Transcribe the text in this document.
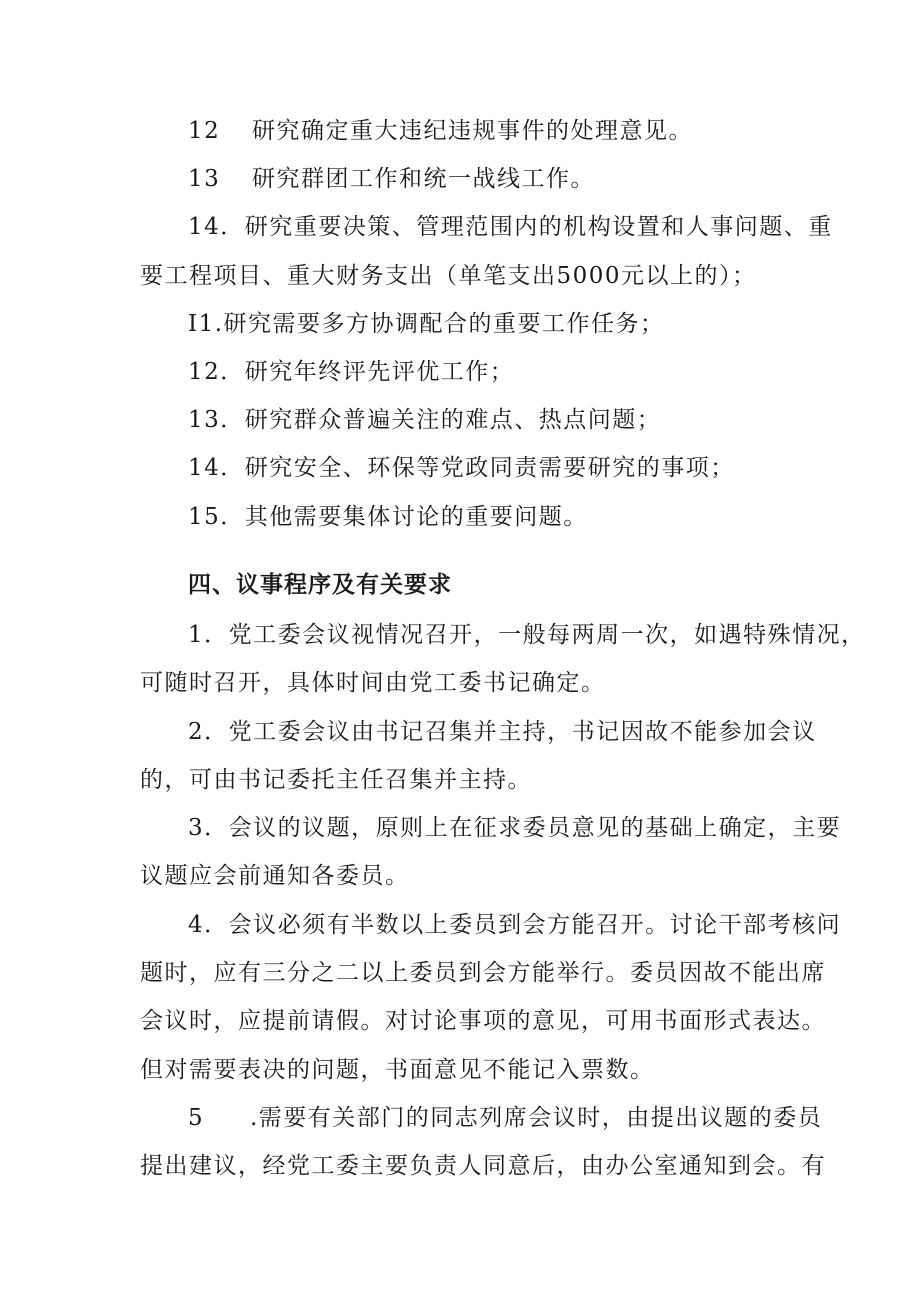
12 研究确定重大违纪违规事件的处理意见。
13 研究群团工作和统一战线工作。
14．研究重要决策、管理范围内的机构设置和人事问题、重
要工程项目、重大财务支出（单笔支出5000元以上的）；
I1.研究需要多方协调配合的重要工作任务；
12．研究年终评先评优工作；
13．研究群众普遍关注的难点、热点问题；
14．研究安全、环保等党政同责需要研究的事项；
15．其他需要集体讨论的重要问题。
四、议事程序及有关要求
1．党工委会议视情况召开，一般每两周一次，如遇特殊情况，
可随时召开，具体时间由党工委书记确定。
2．党工委会议由书记召集并主持，书记因故不能参加会议
的，可由书记委托主任召集并主持。
3．会议的议题，原则上在征求委员意见的基础上确定，主要
议题应会前通知各委员。
4．会议必须有半数以上委员到会方能召开。讨论干部考核问
题时，应有三分之二以上委员到会方能举行。委员因故不能出席
会议时，应提前请假。对讨论事项的意见，可用书面形式表达。
但对需要表决的问题，书面意见不能记入票数。
5 .需要有关部门的同志列席会议时，由提出议题的委员
提出建议，经党工委主要负责人同意后，由办公室通知到会。有
